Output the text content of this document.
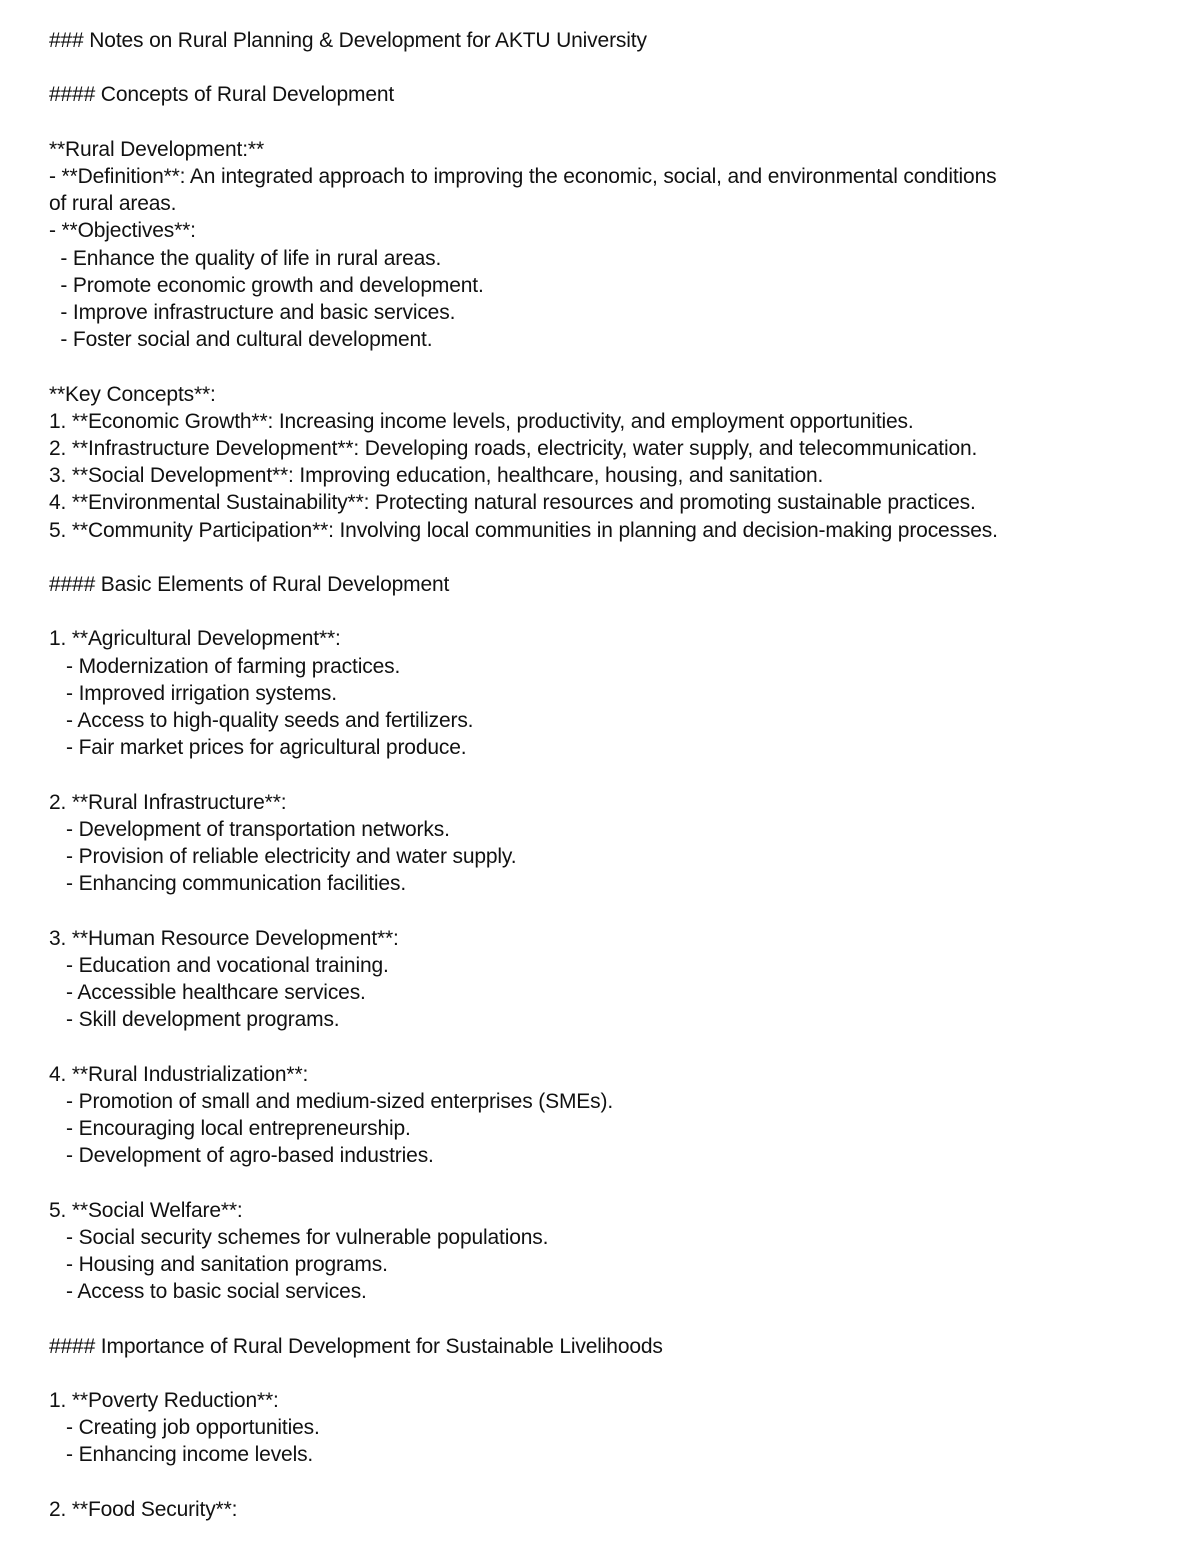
### Notes on Rural Planning & Development for AKTU University
#### Concepts of Rural Development
**Rural Development:**
- **Definition**: An integrated approach to improving the economic, social, and environmental conditions
of rural areas.
- **Objectives**:
- Enhance the quality of life in rural areas.
- Promote economic growth and development.
- Improve infrastructure and basic services.
- Foster social and cultural development.
**Key Concepts**:
1. **Economic Growth**: Increasing income levels, productivity, and employment opportunities.
2. **Infrastructure Development**: Developing roads, electricity, water supply, and telecommunication.
3. **Social Development**: Improving education, healthcare, housing, and sanitation.
4. **Environmental Sustainability**: Protecting natural resources and promoting sustainable practices.
5. **Community Participation**: Involving local communities in planning and decision-making processes.
#### Basic Elements of Rural Development
1. **Agricultural Development**:
- Modernization of farming practices.
- Improved irrigation systems.
- Access to high-quality seeds and fertilizers.
- Fair market prices for agricultural produce.
2. **Rural Infrastructure**:
- Development of transportation networks.
- Provision of reliable electricity and water supply.
- Enhancing communication facilities.
3. **Human Resource Development**:
- Education and vocational training.
- Accessible healthcare services.
- Skill development programs.
4. **Rural Industrialization**:
- Promotion of small and medium-sized enterprises (SMEs).
- Encouraging local entrepreneurship.
- Development of agro-based industries.
5. **Social Welfare**:
- Social security schemes for vulnerable populations.
- Housing and sanitation programs.
- Access to basic social services.
#### Importance of Rural Development for Sustainable Livelihoods
1. **Poverty Reduction**:
- Creating job opportunities.
- Enhancing income levels.
2. **Food Security**:
